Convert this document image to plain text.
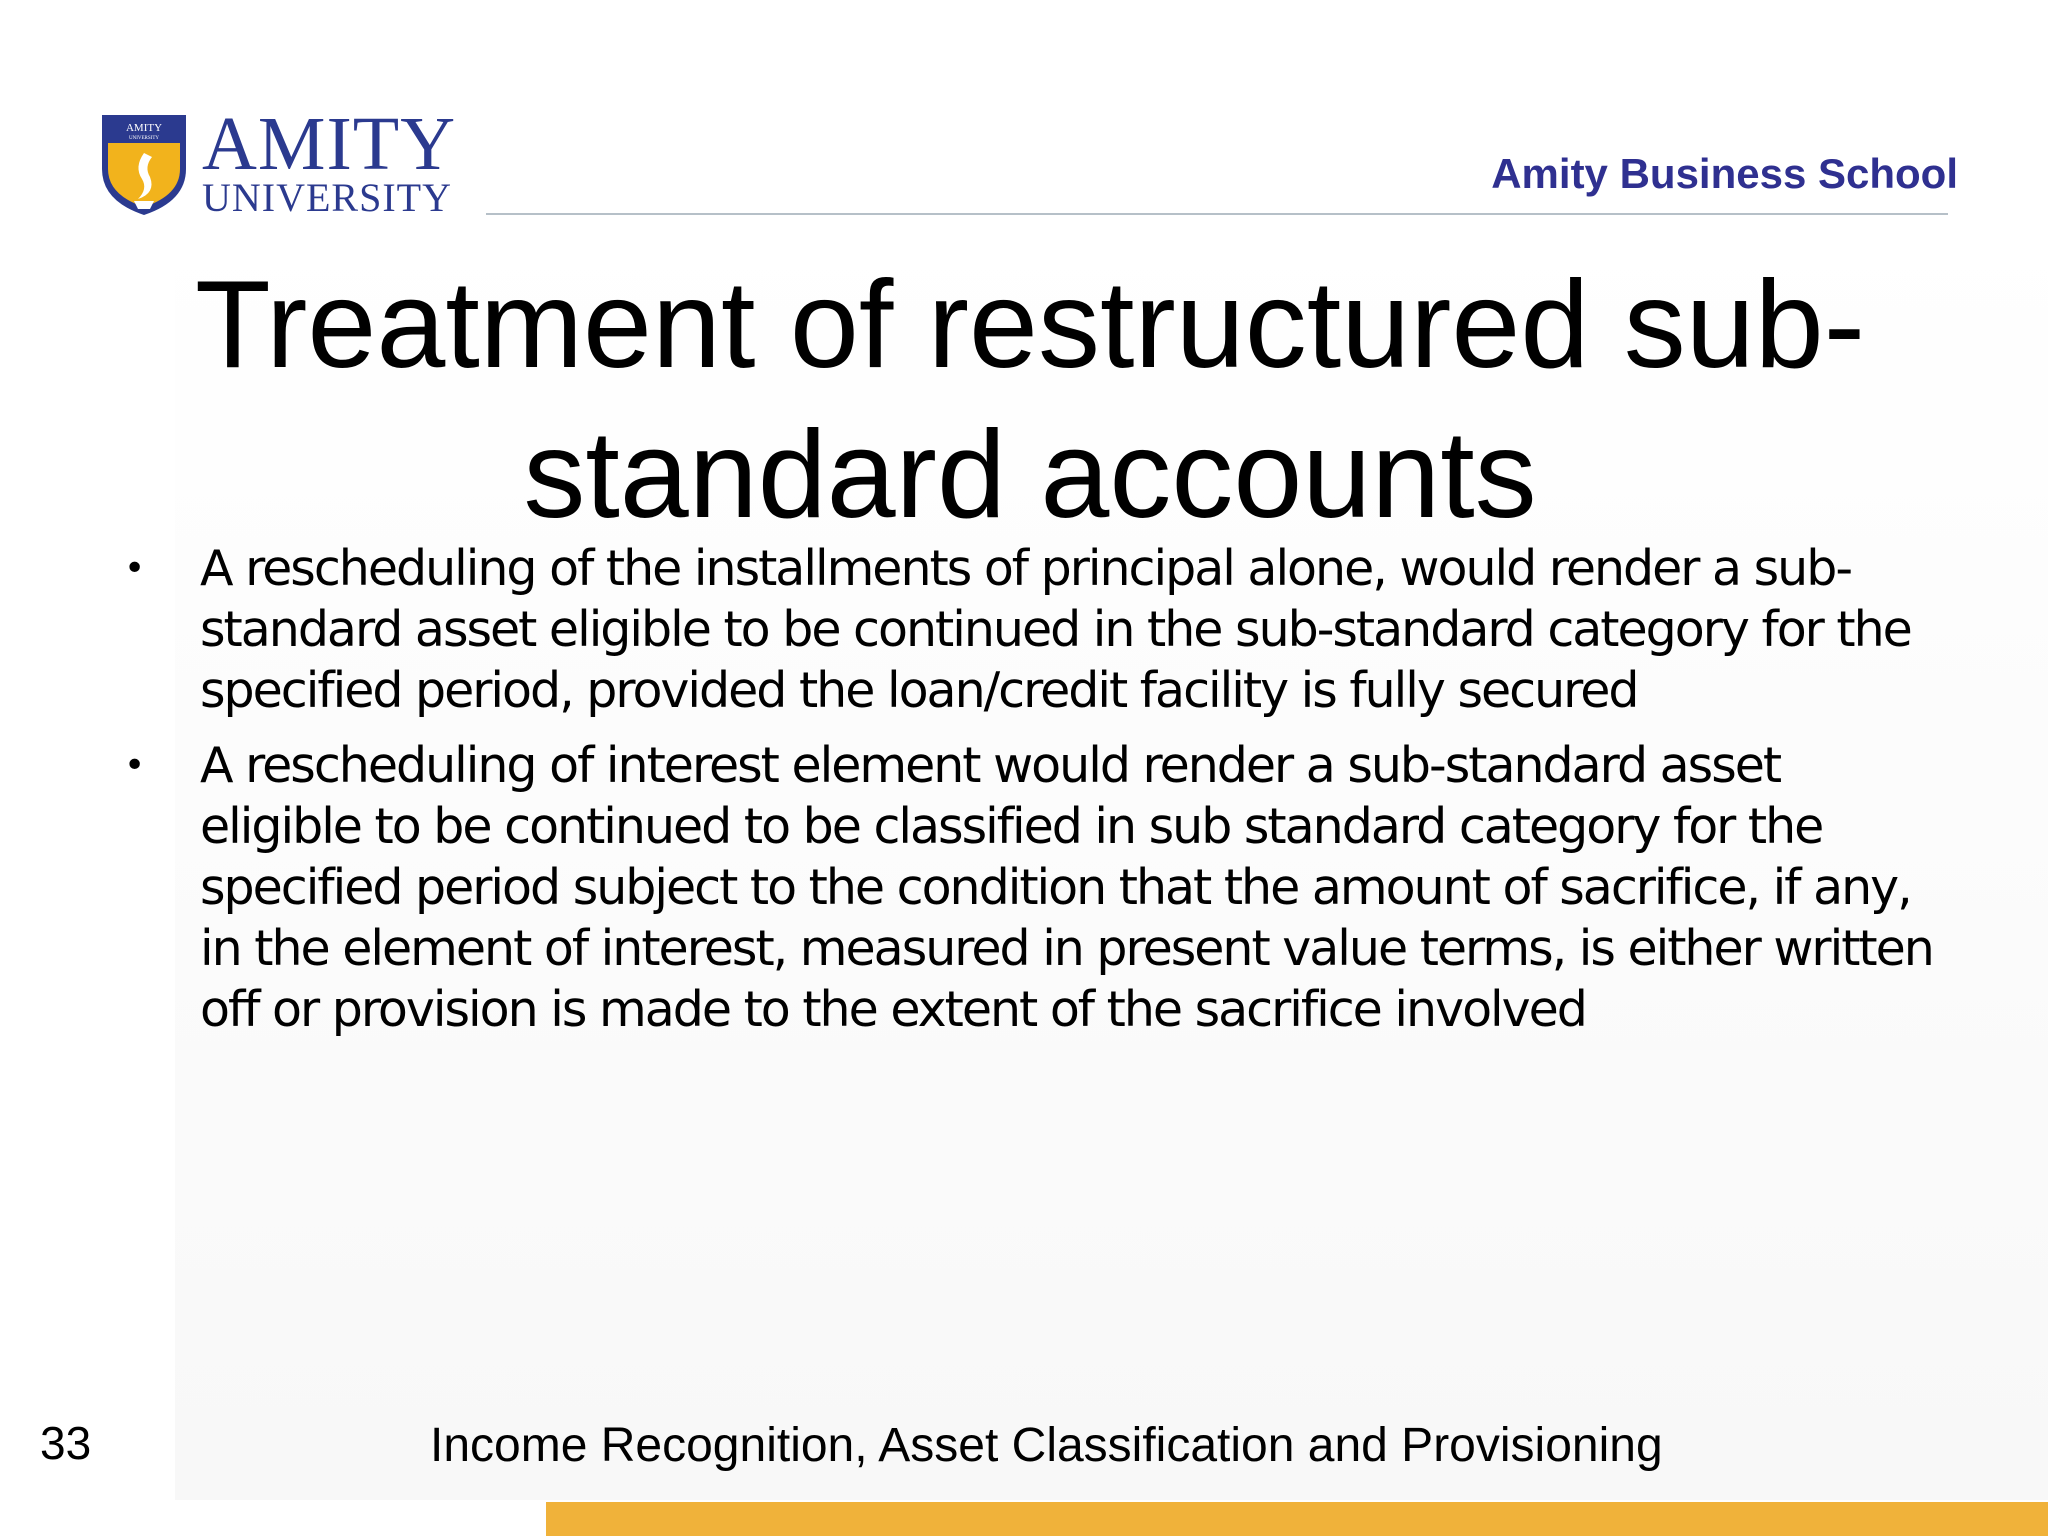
AMITY
UNIVERSITY AMITY
UNIVERSITY
Amity Business School
Treatment of restructured sub-standard accounts
•	A rescheduling of the installments of principal alone, would render a sub-standard asset eligible to be continued in the sub-standard category for the specified period, provided the loan/credit facility is fully secured
•	A rescheduling of interest element would render a sub-standard asset eligible to be continued to be classified in sub standard category for the specified period subject to the condition that the amount of sacrifice, if any, in the element of interest, measured in present value terms, is either written off or provision is made to the extent of the sacrifice involved
33	Income Recognition, Asset Classification and Provisioning
